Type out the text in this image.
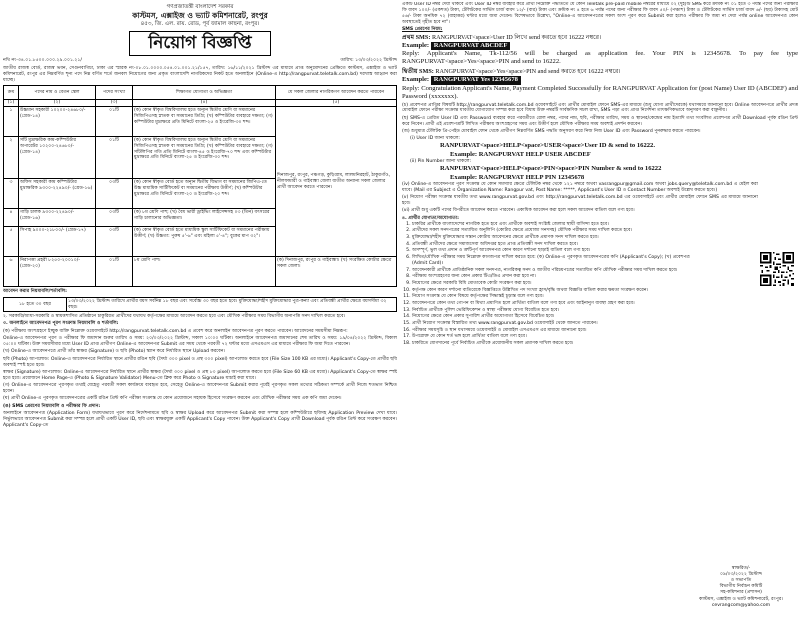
গণপ্রজাতন্ত্রী বাংলাদেশ সরকার
কাস্টমস, এক্সাইজ ও ভ্যাট কমিশনারেট, রংপুর
৪৫৩, জি. এল. রায়. রোড, পূর্ব জামাল কাছনা, রংপুর।
নিয়োগ বিজ্ঞপ্তি
নথি নং-৩৪.০১.৮৫০০.০০০.২৯.০০১.২১/	তারিখ: ১৩/০৩/২০২২ খ্রিস্টাব্দ

জাতীয় রাজস্ব বোর্ড, রাজস্ব ভবন, সেগুনবাগিচা, ঢাকা এর স্মারক নং-০৮.০১.০০০০.০৫৪.০১.০০১.২১/১৫৭, তারিখ: ১৬/১১/২০২১ খ্রিস্টাব্দ এর মাধ্যমে প্রাপ্ত অনুমোদনের প্রেক্ষিতে কাস্টমস, এক্সাইজ ও ভ্যাট কমিশনারেট, রংপুর এর নিম্নবর্ণিত শূন্য পদে নিম্ন বর্ণিত শর্তে জনবল নিয়োগের জন্য প্রকৃত বাংলাদেশি নাগরিকদের নিকট হতে অনলাইনে (Online-এ http://rangpurvat.teletalk.com.bd) দরখাস্ত আহ্বান করা যাচ্ছে।

ক্রম	পদের নাম ও বেতন স্কেল	পদের সংখ্যা	শিক্ষাগত যোগ্যতা ও অভিজ্ঞতা	যে সকল জেলার নাগরিকগণ আবেদন করতে পারবেন
(১)	(২)	(৩)	(৪)	(৫)
১	উচ্চমান সহকারী ১০২০০-২৪৬৮০/- (গ্রেড-১৪)	০১টি	(ক) কোন স্বীকৃত বিশ্ববিদ্যালয় হতে অন্যূন দ্বিতীয় শ্রেণি বা সমমানের সিজিপিএসহ স্নাতক বা সমমানের ডিগ্রি; (খ) কম্পিউটার ব্যবহারে দক্ষতা; (গ) কম্পিউটার মুদ্রাক্ষরে প্রতি মিনিটে বাংলা-২৫ ও ইংরেজি-৩০ শব্দ।	দিনাজপুর, রংপুর, পঞ্চগড়, কুড়িগ্রাম, লালমনিরহাট, ঠাকুরগাঁও, নীলফামারী ও গাইবান্ধা জেলা ব্যতীত অন্যান্য সকল জেলার প্রার্থী আবেদন করতে পারবেন।
২	সাঁট মুদ্রাক্ষরিক কাম-কম্পিউটার অপারেটর ১০২০০-২৪৬৮০/- (গ্রেড-১৪)	০১টি	(ক) কোন স্বীকৃত বিশ্ববিদ্যালয় হতে অন্যূন দ্বিতীয় শ্রেণি বা সমমানের সিজিপিএসহ স্নাতক বা সমমানের ডিগ্রি; (খ) কম্পিউটার ব্যবহারে দক্ষতা; (গ) সাঁটলিপির গতি প্রতি মিনিটে বাংলা-৪৫ ও ইংরেজি-৭০ শব্দ এবং কম্পিউটার মুদ্রাক্ষরে প্রতি মিনিটে বাংলা-২৫ ও ইংরেজি-৩০ শব্দ।	
৩	অফিস সহকারী কাম কম্পিউটার মুদ্রাক্ষরিক ৯৩০০-২২৪৯০/- (গ্রেড-১৬)	০৩টি	(ক) কোন স্বীকৃত বোর্ড হতে অন্যূন দ্বিতীয় বিভাগ বা সমমানের জিপিএ-তে উচ্চ মাধ্যমিক সার্টিফিকেট বা সমমানের পরীক্ষায় উত্তীর্ণ; (খ) কম্পিউটার মুদ্রাক্ষরে প্রতি মিনিটে বাংলা-২০ ও ইংরেজি-২০ শব্দ।	
৪	গাড়ি চালক ৯৩০০-২২৪৯০/- (গ্রেড-১৬)	০৩টি	(ক) ৮ম শ্রেণি পাশ; (খ) বৈধ ভারী ড্রাইভিং লাইসেন্সসহ ০৩ (তিন) বৎসরের গাড়ি চালানোর অভিজ্ঞতা।	
৫	সিপাহ ৯০০০-২১৮০০/- (গ্রেড-১৭)	০৩টি	(ক) কোন স্বীকৃত বোর্ড হতে মাধ্যমিক স্কুল সার্টিফিকেট বা সমমানের পরীক্ষায় উত্তীর্ণ; (খ) উচ্চতা: পুরুষ ৫'-৬" এবং মহিলা ৫'-৪"; বুকের মাপ ৩২"।	
৬	নিরাপত্তা প্রহরী ৮২৫০-২০০১০/- (গ্রেড-২০)	০১টি	৮ম শ্রেণি পাশ।	(ক) দিনাজপুর, রংপুর ও গাইবান্ধা। (খ) সংরক্ষিত কোটার ক্ষেত্রে সকল জেলা।
আবেদন করার নিয়মাবলি/শর্তাবলি:
১৮ হতে ৩০ বছর	১৩/০৩/২০২২ খ্রিস্টাব্দ তারিখে প্রার্থীর বয়স সর্বনিম্ন ১৮ বছর এবং সর্বোচ্চ ৩০ বছর হতে হবে। মুক্তিযোদ্ধা/শহীদ মুক্তিযোদ্ধার পুত্র-কন্যা এবং প্রতিবন্ধী প্রার্থীর ক্ষেত্রে বয়সসীমা ৩২ বছর।

২. সরকারি/আধা-সরকারি ও স্বায়ত্তশাসিত প্রতিষ্ঠানে চাকুরিরত প্রার্থীদের যথাযথ কর্তৃপক্ষের মাধ্যমে আবেদন করতে হবে এবং মৌখিক পরীক্ষার সময় বিভাগীয় অনাপত্তি সনদ দাখিল করতে হবে।

৩. অনলাইনে আবেদনপত্র পূরণ সংক্রান্ত নিয়মাবলি ও শর্তাবলি:

(ক) পরীক্ষায় অংশগ্রহণে ইচ্ছুক ব্যক্তি নিম্নোক্ত ওয়েবসাইটে http://rangpurvat.teletalk.com.bd এ প্রবেশ করে অনলাইন আবেদনপত্র পূরণ করতে পারবেন। আবেদনের সময়সীমা নিম্নরূপ:

Online-এ আবেদনপত্র পূরণ ও পরীক্ষার ফি জমাদান শুরুর তারিখ ও সময়: ২০/০৩/২০২২ খ্রিস্টাব্দ, সকাল ১০:০০ ঘটিকা। অনলাইনে আবেদনপত্র জমাদানের শেষ তারিখ ও সময়: ১৯/০৪/২০২২ খ্রিস্টাব্দ, বিকাল ০৫:০০ ঘটিকা। উক্ত সময়সীমার মধ্যে User ID প্রাপ্ত প্রার্থীগণ Online-এ আবেদনপত্র Submit এর সময় থেকে পরবর্তী ৭২ ঘন্টার মধ্যে এসএমএস এর মাধ্যমে পরীক্ষার ফি জমা দিতে পারবেন।

(খ) Online-এ আবেদনপত্রে প্রার্থী তাঁর স্বাক্ষর (Signature) ও ছবি (Photo) স্ক্যান করে নির্ধারিত স্থানে Upload করবেন।

ছবি (Photo) আপলোড: Online-এ আবেদনপত্রে নির্ধারিত স্থানে প্রার্থীর রঙিন ছবি (দৈর্ঘ্য ৩০০ pixel ও প্রস্থ ৩০০ pixel) আপলোড করতে হবে (File Size 100 KB এর মধ্যে)। Applicant's Copy-তে প্রার্থীর ছবি অবশ্যই স্পষ্ট হতে হবে।

স্বাক্ষর (Signature) আপলোড: Online-এ আবেদনপত্রে নির্ধারিত স্থানে প্রার্থীর স্বাক্ষর (দৈর্ঘ্য ৩০০ pixel ও প্রস্থ ৮০ pixel) আপলোড করতে হবে (File Size 60 KB এর মধ্যে)। Applicant's Copy-তে স্বাক্ষর স্পষ্ট হতে হবে। প্রয়োজনে Home Page-এ (Photo & Signature Validator) Menu-তে ক্লিক করে Photo ও Signature যাচাই করা যাবে।

(গ) Online-এ আবেদনপত্রে পূরণকৃত তথ্যই যেহেতু পরবর্তী সকল কার্যক্রমে ব্যবহৃত হবে, সেহেতু Online-এ আবেদনপত্র Submit করার পূর্বেই পূরণকৃত সকল তথ্যের সঠিকতা সম্পর্কে প্রার্থী নিজে শতভাগ নিশ্চিত হবেন।

(ঘ) প্রার্থী Online-এ পূরণকৃত আবেদনপত্রের একটি রঙিন প্রিন্ট কপি পরীক্ষা সংক্রান্ত যে কোন প্রয়োজনে সহায়ক হিসেবে সংরক্ষণ করবেন এবং মৌখিক পরীক্ষার সময় এক কপি জমা দেবেন।

(ঙ) SMS প্রেরণের নিয়মাবলি ও পরীক্ষার ফি প্রদান:

অনলাইনে আবেদনপত্র (Application Form) যথাযথভাবে পূরণ করে নির্দেশনামতে ছবি ও স্বাক্ষর Upload করে আবেদনপত্র Submit করা সম্পন্ন হলে কম্পিউটারে ছবিসহ Application Preview দেখা যাবে। নির্ভুলভাবে আবেদনপত্র Submit করা সম্পন্ন হলে প্রার্থী একটি User ID, ছবি এবং স্বাক্ষরযুক্ত একটি Applicant's Copy পাবেন। উক্ত Applicant's Copy প্রার্থী Download পূর্বক রঙিন প্রিন্ট করে সংরক্ষণ করবেন। Applicant's Copy-তে

একটি User ID নম্বর দেয়া থাকবে এবং User ID নম্বর ব্যবহার করে প্রার্থী নিম্নোক্ত পদ্ধতিতে যে কোন Teletalk pre-paid mobile নম্বরের মাধ্যমে ০২ (দুই)টি SMS করে ক্রমিক নং ০১ হতে ৩ পর্যন্ত পদের জন্য পরীক্ষার ফি বাবদ ১০০/- (একশত) টাকা, টেলিটকের সার্ভিস চার্জ বাবদ ১২/- (বার) টাকা এবং ক্রমিক নং ৪ হতে ৬ পর্যন্ত পদের জন্য পরীক্ষার ফি বাবদ ৫০/- (পঞ্চাশ) টাকা ও টেলিটকের সার্ভিস চার্জ বাবদ ৬/- (ছয়) টাকাসহ মোট ৫৬/- টাকা অনধিক ৭২ (বাহাত্তর) ঘন্টার মধ্যে জমা দেবেন। বিশেষভাবে উল্লেখ্য, "Online-এ আবেদনপত্রের সকল অংশ পূরণ করে Submit করা হলেও পরীক্ষার ফি জমা না দেয়া পর্যন্ত online আবেদনপত্র কোন অবস্থাতেই গৃহীত হবে না"।

SMS প্রেরণের নিয়ম:
প্রথম SMS: RANGPURVAT<space>User ID লিখে send করতে হবে 16222 নম্বরে।
Example: RANGPURVAT ABCDEF

Reply: Applicant's Name, Tk-112/56 will be charged as application fee. Your PIN is 12345678. To pay fee type RANGPURVAT<space>Yes<space>PIN and send to 16222.

দ্বিতীয় SMS: RANGPURVAT<space>Yes<space>PIN and send করতে হবে 16222 নম্বরে।
Example: RANGPURVAT Yes 12345678

Reply: Congratulation Applicant's Name, Payment Completed Successfully for RANGPURVAT Application for (post Name) User ID (ABCDEF) and Password (xxxxxxx).

(চ) প্রবেশপত্র প্রাপ্তির বিষয়টি http://rangpurvat.teletalk.com.bd ওয়েবসাইটে এবং প্রার্থীর মোবাইল ফোনে SMS-এর মাধ্যমে (শুধু যোগ্য প্রার্থীদেরকে) যথাসময়ে জানানো হবে। Online আবেদনপত্রে প্রার্থীর প্রদত্ত মোবাইল ফোনে পরীক্ষা সংক্রান্ত যাবতীয় যোগাযোগ সম্পন্ন করা হবে বিধায় উক্ত নম্বরটি সার্বক্ষণিক সচল রাখা, SMS পড়া এবং প্রাপ্ত নির্দেশনা তাৎক্ষণিকভাবে অনুসরণ করা বাঞ্ছনীয়।

(ছ) SMS-এ প্রেরিত User ID এবং Password ব্যবহার করে পরবর্তীতে রোল নম্বর, পদের নাম, ছবি, পরীক্ষার তারিখ, সময় ও স্থানের/কেন্দ্রের নাম ইত্যাদি তথ্য সংবলিত প্রবেশপত্র প্রার্থী Download পূর্বক রঙিন প্রিন্ট করে নিবেন। প্রার্থী এই প্রবেশপত্রটি লিখিত পরীক্ষায় অংশগ্রহণের সময় এবং উত্তীর্ণ হলে মৌখিক পরীক্ষার সময় অবশ্যই প্রদর্শন করবেন।

(জ) শুধুমাত্র টেলিটক প্রি-পেইড মোবাইল ফোন থেকে প্রার্থীগণ নিম্নবর্ণিত SMS পদ্ধতি অনুসরণ করে নিজ নিজ User ID এবং Password পুনরুদ্ধার করতে পারবেন।

(i) User ID জানা থাকলে:
RANPURVAT<space>HELP<space>USER<space>User ID & send to 16222.
Example: RANGPURVAT HELP USER ABCDEF
(ii) Pin Number জানা থাকলে:
RANPURVAT<space>HELP<space>PIN<space>PIN Number & send to 16222
Example: RANGPURVAT HELP PIN 12345678

(iv) Online-এ আবেদনপত্র পূরণ সংক্রান্ত যে কোন সমস্যার ক্ষেত্রে টেলিটক নম্বর থেকে ১২১ নম্বরে অথবা vasrangpur@gmail.com অথবা jobs.query@teletalk.com.bd এ মেইল করা যাবে। (Mail এর Subject এ Organization Name: Rangpur vat, Post Name: *****, Applicant's User ID ও Contact Number অবশ্যই উল্লেখ করতে হবে।)

(v) নিয়োগ পরীক্ষা সংক্রান্ত যাবতীয় তথ্য www.rangpurvat.gov.bd এবং http://rangpurvat.teletalk.com.bd এর ওয়েবসাইটে এবং প্রার্থীর মোবাইল ফোনে SMS এর মাধ্যমে জানানো হবে।

(vi) প্রার্থী শুধু একটি পদের বিপরীতে আবেদন করতে পারবেন। একাধিক আবেদন করা হলে সকল আবেদন বাতিল বলে গণ্য হবে।

৪. প্রার্থীর যোগ্যতা/অযোগ্যতা:
1. চাকরির প্রার্থীকে বাংলাদেশের নাগরিক হতে হবে এবং প্রার্থীকে অবশ্যই সংশ্লিষ্ট জেলার স্থায়ী বাসিন্দা হতে হবে।
2. প্রার্থীদের সকল সনদপত্রের সত্যায়িত অনুলিপি (কোটার ক্ষেত্রে প্রযোজ্য সনদসহ) মৌখিক পরীক্ষার সময় দাখিল করতে হবে।
3. মুক্তিযোদ্ধা/শহীদ মুক্তিযোদ্ধার সন্তান কোটায় আবেদনের ক্ষেত্রে প্রার্থীকে প্রমাণক সনদ দাখিল করতে হবে।
4. প্রতিবন্ধী প্রার্থীদের ক্ষেত্রে সমাজসেবা অধিদপ্তর হতে প্রাপ্ত প্রতিবন্ধী সনদ দাখিল করতে হবে।
5. অসম্পূর্ণ, ভুল তথ্য প্রদান ও ত্রুটিপূর্ণ আবেদনপত্র কোন কারণ দর্শানো ছাড়াই বাতিল বলে গণ্য হবে।
6. লিখিত/মৌখিক পরীক্ষার সময় নিম্নোক্ত কাগজপত্র দাখিল করতে হবে: (ক) Online-এ পূরণকৃত আবেদনপত্রের কপি (Applicant's Copy); (খ) প্রবেশপত্র (Admit Card)।
7. আবেদনকারী প্রার্থীকে প্রাতিষ্ঠানিক সকল সনদপত্র, নাগরিকত্ব সনদ ও জাতীয় পরিচয়পত্রের সত্যায়িত কপি মৌখিক পরীক্ষার সময় দাখিল করতে হবে।
8. পরীক্ষায় অংশগ্রহণের জন্য কোন প্রকার টিএ/ডিএ প্রদান করা হবে না।
9. নিয়োগের ক্ষেত্রে সরকারি বিধি মোতাবেক কোটা সংরক্ষণ করা হবে।
10. কর্তৃপক্ষ কোন কারণ দর্শানো ব্যতিরেকে বিজ্ঞপ্তিতে উল্লিখিত পদ সংখ্যা হ্রাস/বৃদ্ধি অথবা বিজ্ঞপ্তি বাতিল করার ক্ষমতা সংরক্ষণ করেন।
11. নিয়োগ সংক্রান্ত যে কোন বিষয়ে কর্তৃপক্ষের সিদ্ধান্তই চূড়ান্ত বলে গণ্য হবে।
12. আবেদনপত্রে কোন তথ্য গোপন বা মিথ্যা প্রমাণিত হলে প্রার্থিতা বাতিল বলে গণ্য হবে এবং আইনানুগ ব্যবস্থা গ্রহণ করা হবে।
13. নির্বাচিত প্রার্থীকে পুলিশ ভেরিফিকেশন ও স্বাস্থ্য পরীক্ষায় যোগ্য বিবেচিত হতে হবে।
14. নিয়োগের ক্ষেত্রে কোন প্রকার সুপারিশ প্রার্থীর অযোগ্যতা হিসেবে বিবেচিত হবে।
15. প্রার্থী নিয়োগ সংক্রান্ত বিস্তারিত তথ্য www.rangpurvat.gov.bd ওয়েবসাইট থেকে জানতে পারবেন।
16. পরীক্ষার সময়সূচি ও স্থান যথাসময়ে ওয়েবসাইট ও মোবাইল এসএমএস এর মাধ্যমে জানানো হবে।
17. উপরোক্ত যে কোন শর্ত ভঙ্গ হলে প্রার্থিতা বাতিল বলে গণ্য হবে।
18. চাকরিতে যোগদানের পূর্বে নির্বাচিত প্রার্থীকে প্রয়োজনীয় সকল প্রমাণক দাখিল করতে হবে।
স্বাক্ষরিত/-
০৯/০৩/২০২২ খ্রিস্টাব্দ
ও সভাপতি
বিভাগীয় নির্বাচন কমিটি
সহ-কমিশনার (প্রশাসন)
কাস্টমস, এক্সাইজ ও ভ্যাট কমিশনারেট, রংপুর।
cevrangcom@yahoo.com
